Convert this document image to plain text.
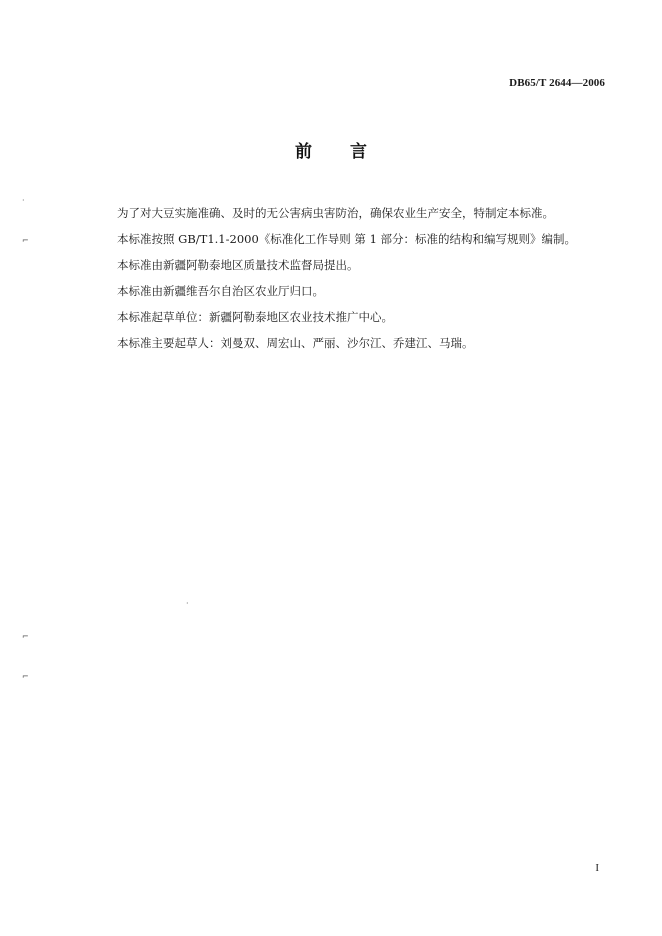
DB65/T 2644—2006
前言

为了对大豆实施准确、及时的无公害病虫害防治，确保农业生产安全，特制定本标准。

本标准按照 GB/T1.1-2000《标准化工作导则 第 1 部分：标准的结构和编写规则》编制。

本标准由新疆阿勒泰地区质量技术监督局提出。

本标准由新疆维吾尔自治区农业厅归口。

本标准起草单位：新疆阿勒泰地区农业技术推广中心。

本标准主要起草人：刘曼双、周宏山、严丽、沙尔江、乔建江、马瑞。

·
⌐
⌐
⌐
·
I
